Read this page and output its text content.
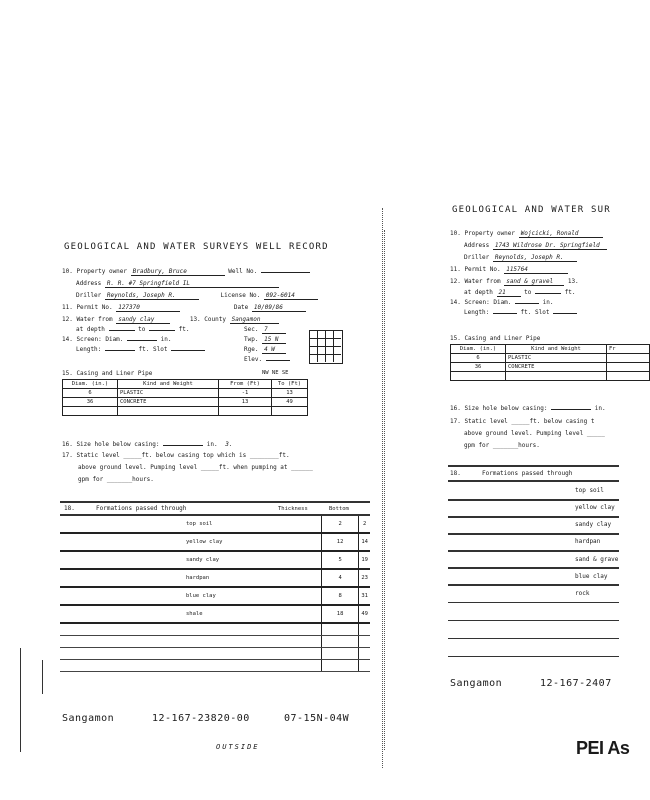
GEOLOGICAL AND WATER SURVEYS WELL RECORD
10. Property owner Bradbury, Bruce	Well No.
Address R. R. #7 Springfield IL
Driller Reynolds, Joseph R.	License No. 092-6014
11. Permit No. 127370	Date 10/09/86
12. Water from sandy clay	13. County Sangamon
at depth	to	ft.
14. Screen: Diam.	in.
Length:	ft. Slot
Sec. 7
Twp. 15 N
Rge. 4 W
Elev.
15. Casing and Liner Pipe	NW NE SE
Diam. (in.)	Kind and Weight	From (Ft)	To (Ft)
6	PLASTIC	-1	13
36	CONCRETE	13	49

16. Size hole below casing:	in. 3.
17. Static level _____ft. below casing top which is ________ft.
above ground level. Pumping level _____ft. when pumping at ______
gpm for _______hours.
18.	Formations passed through	Thickness	Bottom
top soil	2	2
yellow clay	12	14
sandy clay	5	19
hardpan	4	23
blue clay	8	31
shale	18	49

Sangamon	12-167-23820-00	07-15N-04W
OUTSIDE
GEOLOGICAL AND WATER SUR
10. Property owner Wojcicki, Ronald
Address 1743 Wildrose Dr. Springfield
Driller Reynolds, Joseph R.
11. Permit No. 115764
12. Water from sand & gravel 13.
at depth 21	to	ft.
14. Screen: Diam.	in.
Length:	ft. Slot
15. Casing and Liner Pipe
Diam. (in.)	Kind and Weight	Fr
6	PLASTIC	
36	CONCRETE	

16. Size hole below casing:	in.
17. Static level _____ft. below casing t
above ground level. Pumping level _____
gpm for _______hours.
18.	Formations passed through
top soil
yellow clay
sandy clay
hardpan
sand & grave
blue clay
rock
Sangamon	12-167-2407
PEI As
